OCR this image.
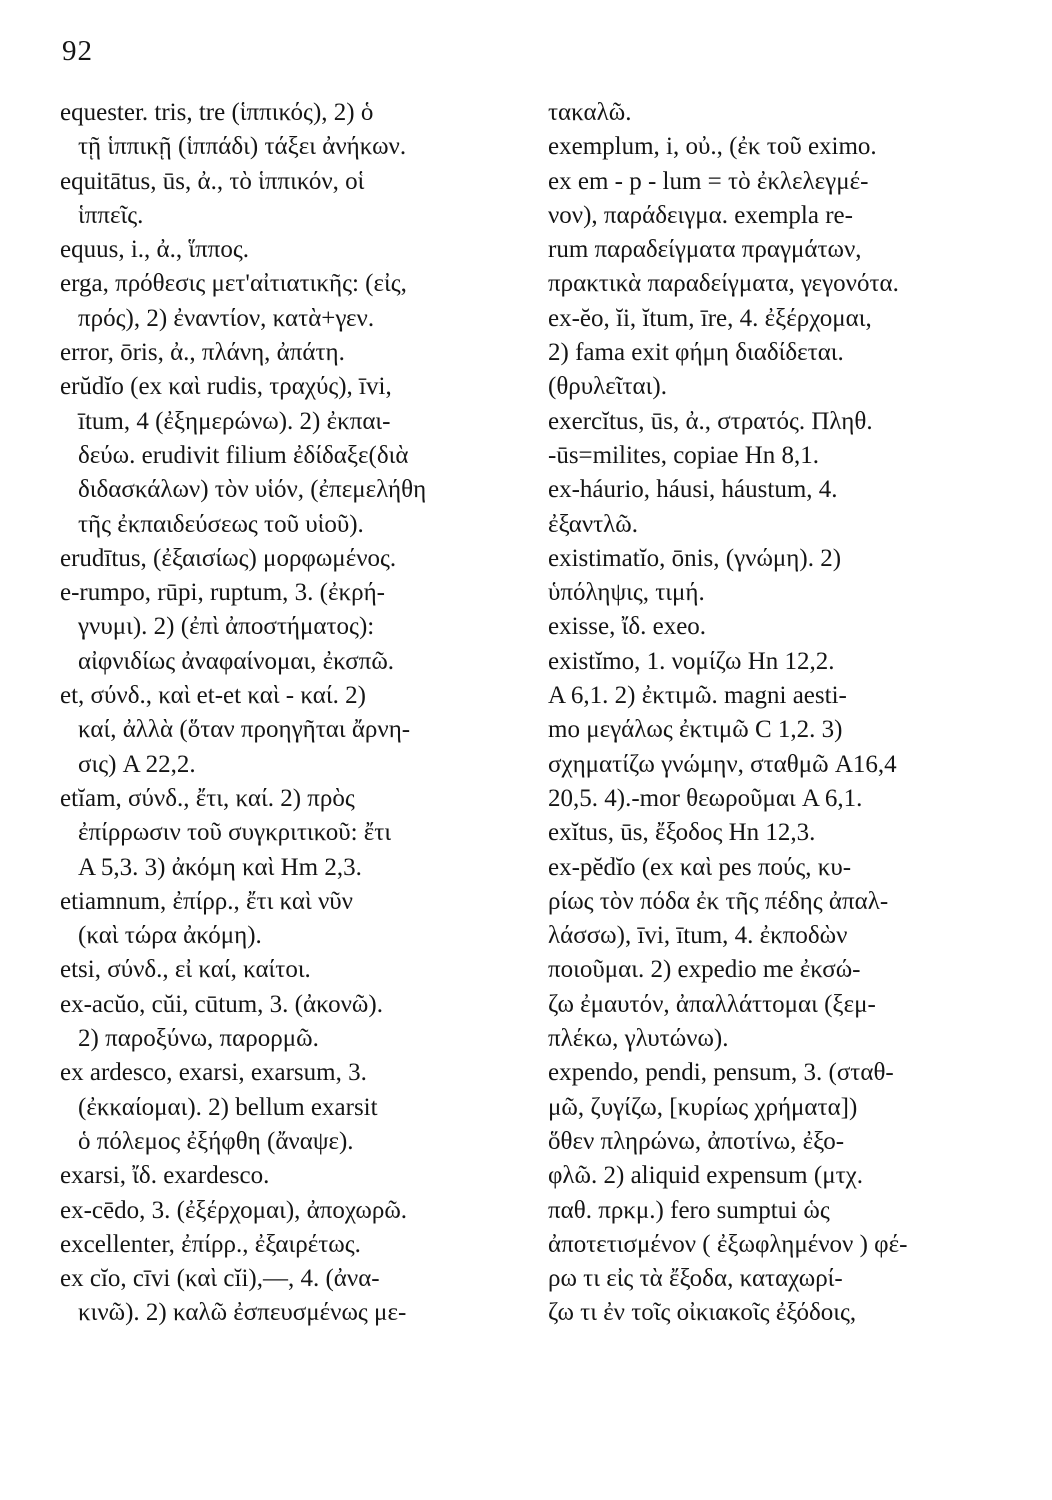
92
equester. tris, tre (ἱππικός), 2) ὁ
τῇ ἱππικῇ (ἱππάδι) τάξει ἀνήκων.
equitātus, ūs, ἀ., τὸ ἱππικόν, οἱ
ἱππεῖς.
equus, i., ἀ., ἵππος.
erga, πρόθεσις μετ'αἰτιατικῆς: (εἰς,
πρός), 2) ἐναντίον, κατὰ+γεν.
error, ōris, ἀ., πλάνη, ἀπάτη.
erŭdĭo (ex καὶ rudis, τραχύς), īvi,
ītum, 4 (ἐξημερώνω). 2) ἐκπαι-
δεύω. erudivit filium ἐδίδαξε(διὰ
διδασκάλων) τὸν υἱόν, (ἐπεμελήθη
τῆς ἐκπαιδεύσεως τοῦ υἱοῦ).
erudītus, (ἐξαισίως) μορφωμένος.
e-rumpo, rūpi, ruptum, 3. (ἐκρή-
γνυμι). 2) (ἐπὶ ἀποστήματος):
αἰφνιδίως ἀναφαίνομαι, ἐκσπῶ.
et, σύνδ., καὶ et-et καὶ - καί. 2)
καί, ἀλλὰ (ὅταν προηγῆται ἄρνη-
σις) A 22,2.
etĭam, σύνδ., ἔτι, καί. 2) πρὸς
ἐπίρρωσιν τοῦ συγκριτικοῦ: ἔτι
A 5,3. 3) ἀκόμη καὶ Hm 2,3.
etiamnum, ἐπίρρ., ἔτι καὶ νῦν
(καὶ τώρα ἀκόμη).
etsi, σύνδ., εἰ καί, καίτοι.
ex-acŭo, cŭi, cūtum, 3. (ἀκονῶ).
2) παροξύνω, παρορμῶ.
ex ardesco, exarsi, exarsum, 3.
(ἐκκαίομαι). 2) bellum exarsit
ὁ πόλεμος ἐξήφθη (ἄναψε).
exarsi, ἴδ. exardesco.
ex-cēdo, 3. (ἐξέρχομαι), ἀποχωρῶ.
excellenter, ἐπίρρ., ἐξαιρέτως.
ex cĭo, cīvi (καὶ cĭi),—, 4. (ἀνα-
κινῶ). 2) καλῶ ἐσπευσμένως με-
τακαλῶ.
exemplum, i, οὐ., (ἐκ τοῦ eximo.
ex em - p - lum = τὸ ἐκλελεγμέ-
νον), παράδειγμα. exempla re-
rum παραδείγματα πραγμάτων,
πρακτικὰ παραδείγματα, γεγονότα.
ex-ĕo, ĭi, ĭtum, īre, 4. ἐξέρχομαι,
2) fama exit φήμη διαδίδεται.
(θρυλεῖται).
exercĭtus, ūs, ἀ., στρατός. Πληθ.
-ūs=milites, copiae Hn 8,1.
ex-háurio, háusi, háustum, 4.
ἐξαντλῶ.
existimatĭo, ōnis, (γνώμη). 2)
ὑπόληψις, τιμή.
exisse, ἴδ. exeo.
existĭmo, 1. νομίζω Hn 12,2.
A 6,1. 2) ἐκτιμῶ. magni aesti-
mo μεγάλως ἐκτιμῶ C 1,2. 3)
σχηματίζω γνώμην, σταθμῶ A16,4
20,5. 4).-mor θεωροῦμαι A 6,1.
exĭtus, ūs, ἔξοδος Hn 12,3.
ex-pĕdĭo (ex καὶ pes πούς, κυ-
ρίως τὸν πόδα ἐκ τῆς πέδης ἀπαλ-
λάσσω), īvi, ītum, 4. ἐκποδὼν
ποιοῦμαι. 2) expedio me ἐκσώ-
ζω ἐμαυτόν, ἀπαλλάττομαι (ξεμ-
πλέκω, γλυτώνω).
expendo, pendi, pensum, 3. (σταθ-
μῶ, ζυγίζω, [κυρίως χρήματα])
ὅθεν πληρώνω, ἀποτίνω, ἐξο-
φλῶ. 2) aliquid expensum (μτχ.
παθ. πρκμ.) fero sumptui ὡς
ἀποτετισμένον ( ἐξωφλημένον ) φέ-
ρω τι εἰς τὰ ἔξοδα, καταχωρί-
ζω τι ἐν τοῖς οἰκιακοῖς ἐξόδοις,
